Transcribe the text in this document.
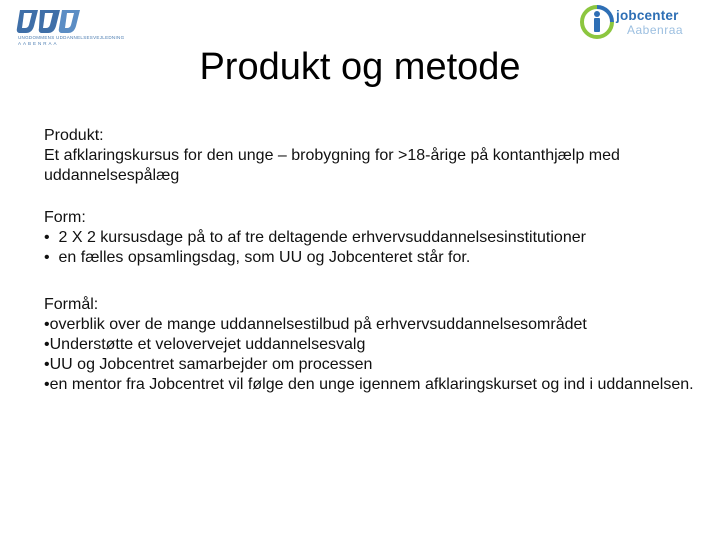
UNGDOMMENS UDDANNELSESVEJLEDNING
AABENRAA
jobcenter
Aabenraa
Produkt og metode

Produkt:

Et afklaringskursus for den unge – brobygning for >18-årige på kontanthjælp med uddannelsespålæg

Form:

•  2 X 2 kursusdage på to af tre deltagende erhvervsuddannelsesinstitutioner

•  en fælles opsamlingsdag, som UU og Jobcenteret står for.

Formål:

•overblik over de mange uddannelsestilbud på erhvervsuddannelsesområdet

•Understøtte et velovervejet uddannelsesvalg

•UU og Jobcentret samarbejder om processen

•en mentor fra Jobcentret vil følge den unge igennem afklaringskurset og ind i uddannelsen.
